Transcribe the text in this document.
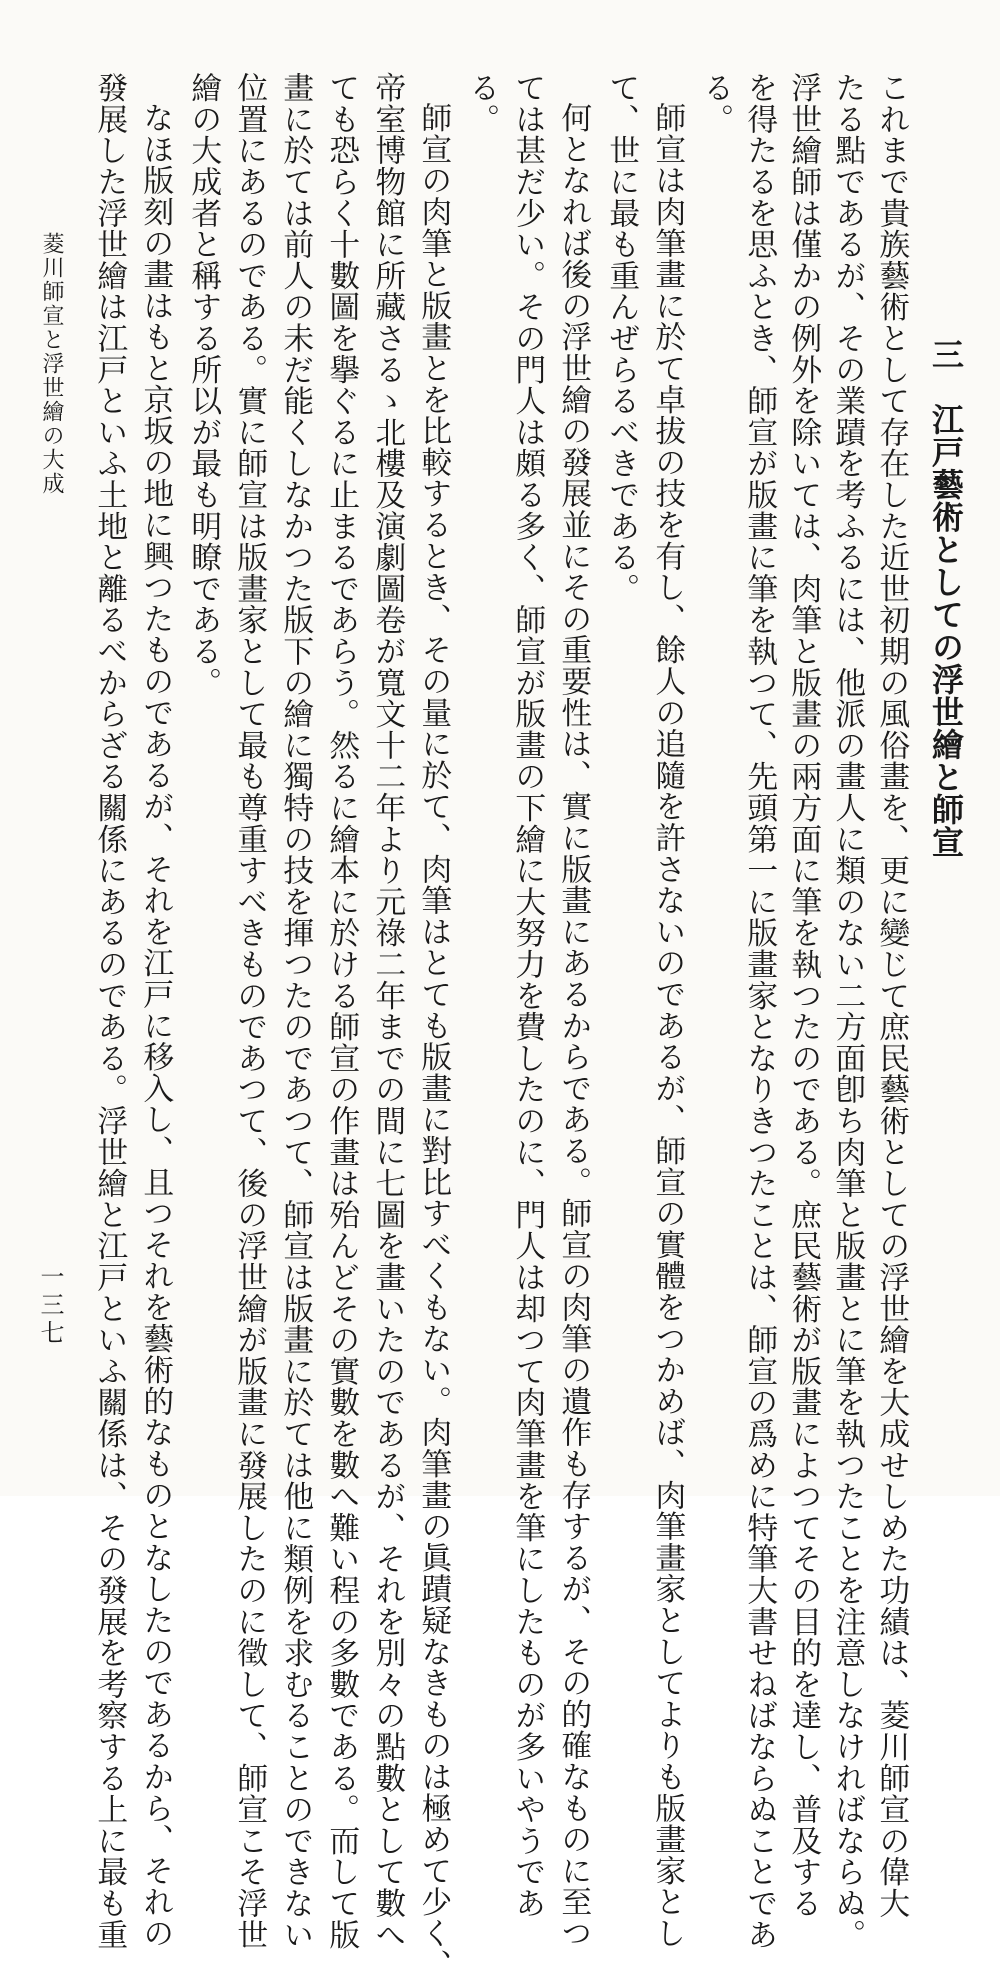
三　江戸藝術としての浮世繪と師宣
これまで貴族藝術として存在した近世初期の風俗畫を、更に變じて庶民藝術としての浮世繪を大成せしめた功績は、菱川師宣の偉大
たる點であるが、その業蹟を考ふるには、他派の畫人に類のない二方面卽ち肉筆と版畫とに筆を執つたことを注意しなければならぬ。
浮世繪師は僅かの例外を除いては、肉筆と版畫の兩方面に筆を執つたのである。庶民藝術が版畫によつてその目的を達し、普及する
を得たるを思ふとき、師宣が版畫に筆を執つて、先頭第一に版畫家となりきつたことは、師宣の爲めに特筆大書せねばならぬことであ
る。
師宣は肉筆畫に於て卓拔の技を有し、餘人の追隨を許さないのであるが、師宣の實體をつかめば、肉筆畫家としてよりも版畫家とし
て、世に最も重んぜらるべきである。
何となれば後の浮世繪の發展並にその重要性は、實に版畫にあるからである。師宣の肉筆の遺作も存するが、その的確なものに至つ
ては甚だ少い。その門人は頗る多く、師宣が版畫の下繪に大努力を費したのに、門人は却つて肉筆畫を筆にしたものが多いやうであ
る。
師宣の肉筆と版畫とを比較するとき、その量に於て、肉筆はとても版畫に對比すべくもない。肉筆畫の眞蹟疑なきものは極めて少く、
帝室博物館に所藏さるゝ北樓及演劇圖卷が寬文十二年より元祿二年までの間に七圖を畫いたのであるが、それを別々の點數として數へ
ても恐らく十數圖を擧ぐるに止まるであらう。然るに繪本に於ける師宣の作畫は殆んどその實數を數へ難い程の多數である。而して版
畫に於ては前人の未だ能くしなかつた版下の繪に獨特の技を揮つたのであつて、師宣は版畫に於ては他に類例を求むることのできない
位置にあるのである。實に師宣は版畫家として最も尊重すべきものであつて、後の浮世繪が版畫に發展したのに徵して、師宣こそ浮世
繪の大成者と稱する所以が最も明瞭である。
なほ版刻の畫はもと京坂の地に興つたものであるが、それを江戸に移入し、且つそれを藝術的なものとなしたのであるから、それの
發展した浮世繪は江戸といふ土地と離るべからざる關係にあるのである。浮世繪と江戸といふ關係は、その發展を考察する上に最も重
菱川師宣と浮世繪の大成
一三七
